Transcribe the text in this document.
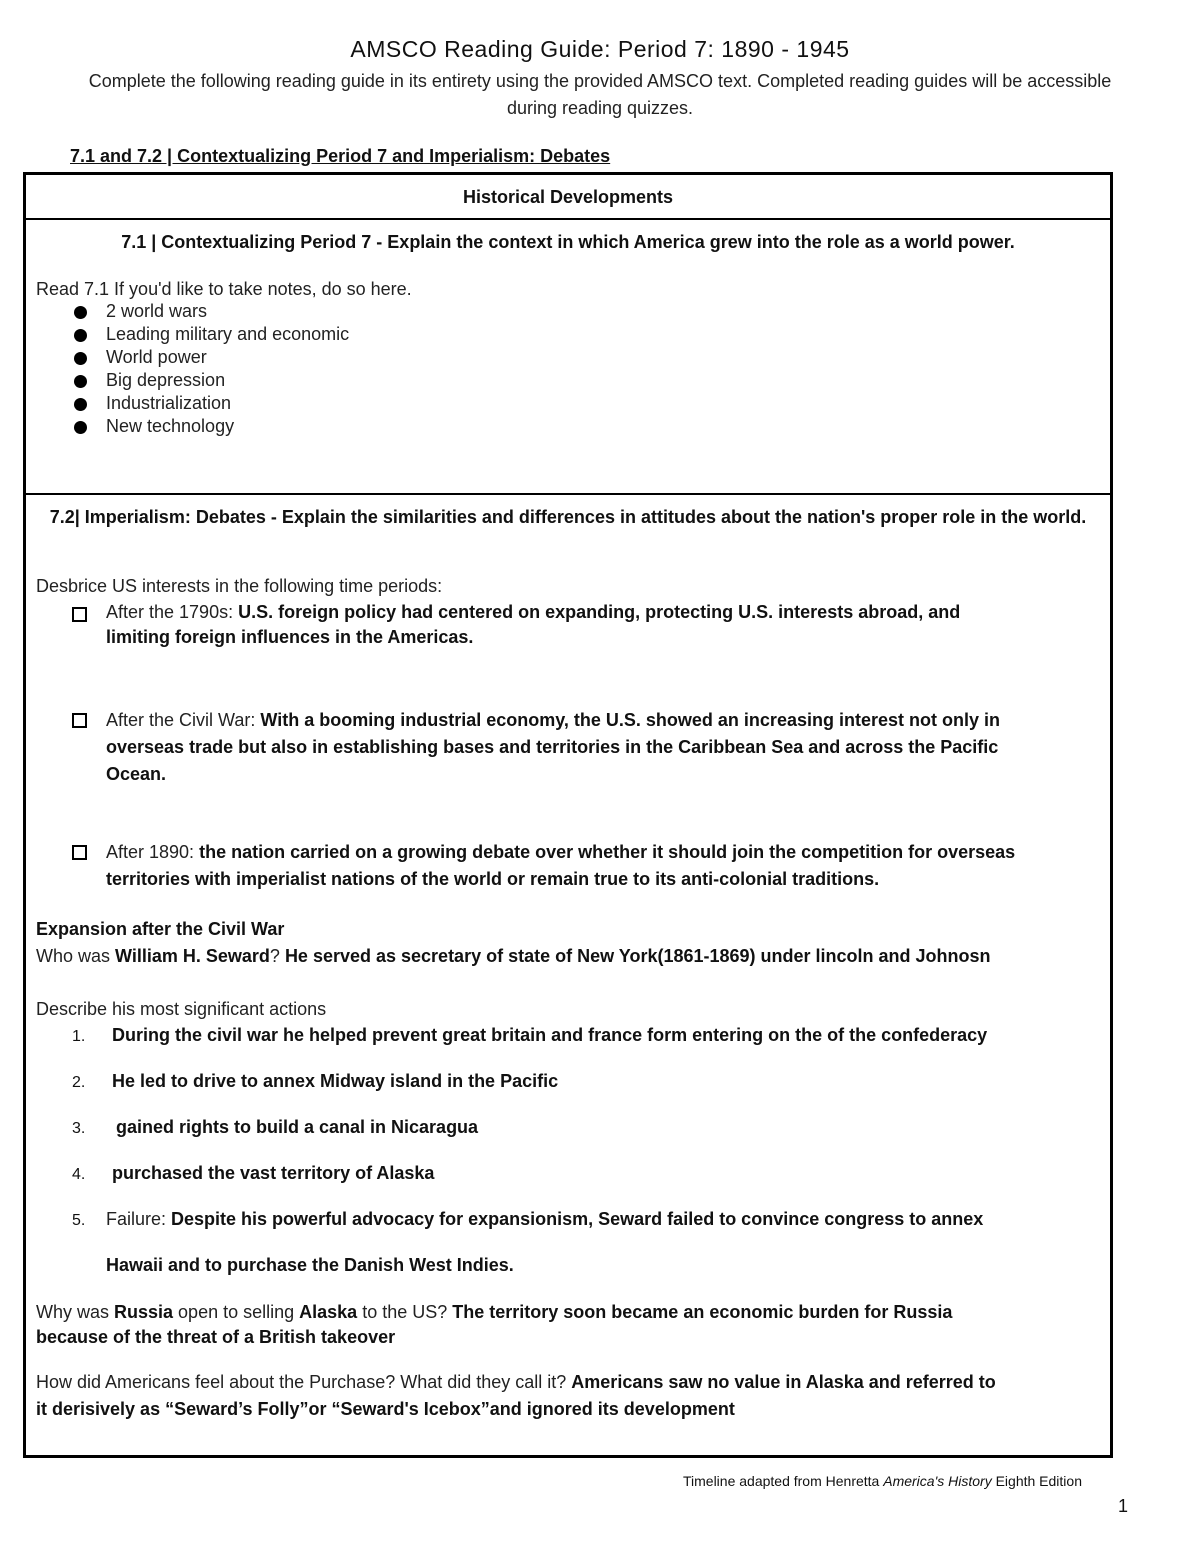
AMSCO Reading Guide: Period 7: 1890 - 1945
Complete the following reading guide in its entirety using the provided AMSCO text. Completed reading guides will be accessible during reading quizzes.
7.1 and 7.2 | Contextualizing Period 7 and Imperialism: Debates
Historical Developments
7.1 | Contextualizing Period 7 - Explain the context in which America grew into the role as a world power.
Read 7.1 If you'd like to take notes, do so here.
2 world wars
Leading military and economic
World power
Big depression
Industrialization
New technology
7.2| Imperialism: Debates - Explain the similarities and differences in attitudes about the nation's proper role in the world.
Desbrice US interests in the following time periods:
After the 1790s: U.S. foreign policy had centered on expanding, protecting U.S. interests abroad, and
limiting foreign influences in the Americas.
After the Civil War: With a booming industrial economy, the U.S. showed an increasing interest not only in
overseas trade but also in establishing bases and territories in the Caribbean Sea and across the Pacific
Ocean.
After 1890: the nation carried on a growing debate over whether it should join the competition for overseas
territories with imperialist nations of the world or remain true to its anti-colonial traditions.
Expansion after the Civil War
Who was William H. Seward? He served as secretary of state of New York(1861-1869) under lincoln and Johnosn
Describe his most significant actions
1. During the civil war he helped prevent great britain and france form entering on the of the confederacy
2. He led to drive to annex Midway island in the Pacific
3. gained rights to build a canal in Nicaragua
4. purchased the vast territory of Alaska
5. Failure: Despite his powerful advocacy for expansionism, Seward failed to convince congress to annex
Hawaii and to purchase the Danish West Indies.
Why was Russia open to selling Alaska to the US? The territory soon became an economic burden for Russia
because of the threat of a British takeover
How did Americans feel about the Purchase? What did they call it? Americans saw no value in Alaska and referred to
it derisively as “Seward’s Folly”or “Seward's Icebox”and ignored its development
Timeline adapted from Henretta America's History Eighth Edition
1
